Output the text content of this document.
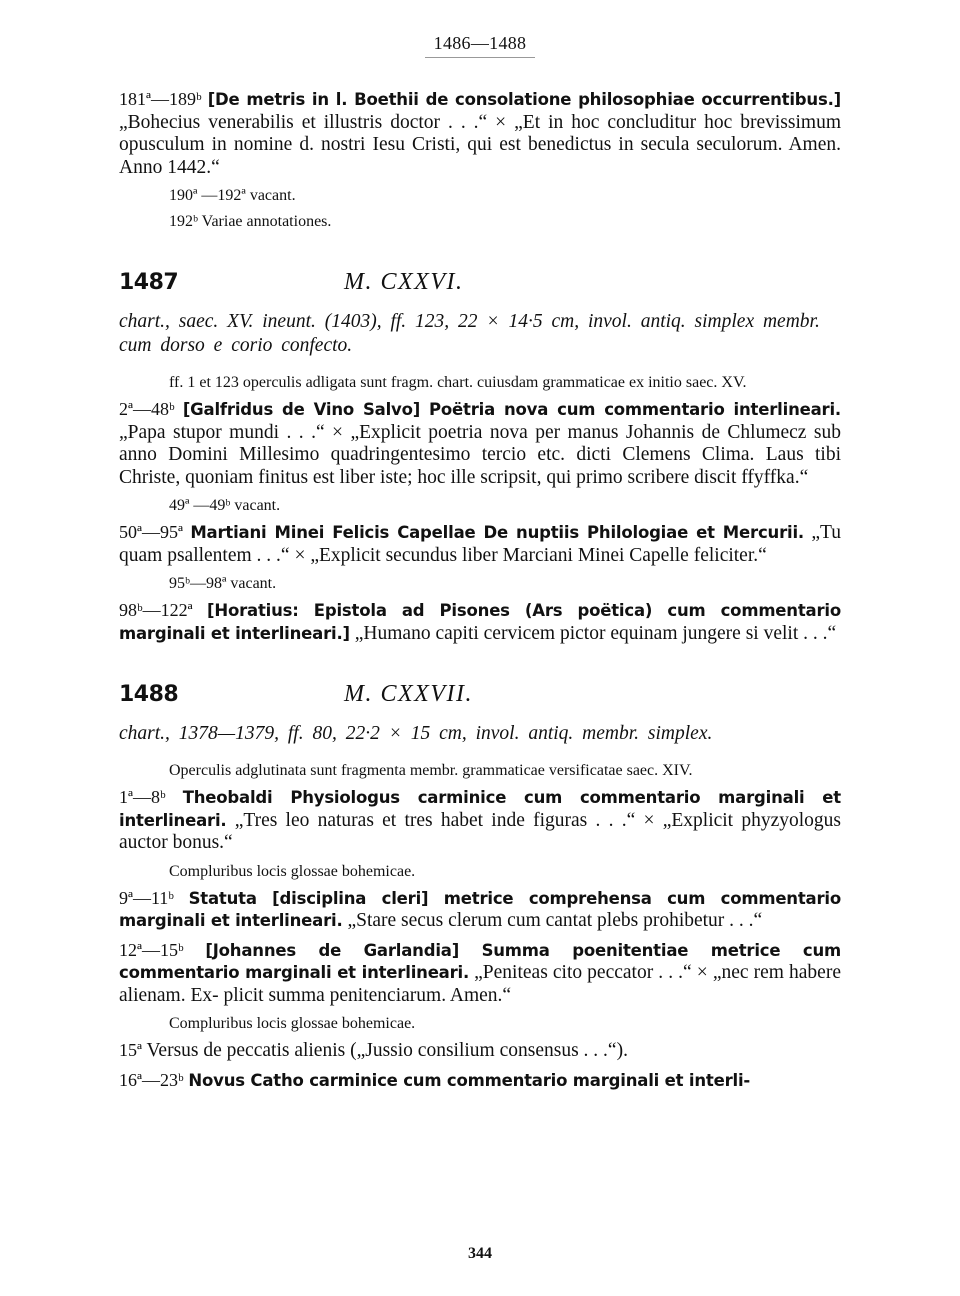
1486—1488

181ª—189ᵇ [De metris in l. Boethii de consolatione philosophiae occurrentibus.] „Bohecius venerabilis et illustris doctor . . .“ × „Et in hoc concluditur hoc brevissimum opusculum in nomine d. nostri Iesu Cristi, qui est benedictus in secula seculorum. Amen. Anno 1442.“

190ª —192ª vacant.

192ᵇ Variae annotationes.

1487	M. CXXVI.

chart., saec. XV. ineunt. (1403), ff. 123, 22 × 14·5 cm, invol. antiq. simplex membr. cum dorso e corio confecto.

ff. 1 et 123 operculis adligata sunt fragm. chart. cuiusdam grammaticae ex initio saec. XV.

2ª—48ᵇ [Galfridus de Vino Salvo] Poëtria nova cum commentario interlineari. „Papa stupor mundi . . .“ × „Explicit poetria nova per manus Johannis de Chlumecz sub anno Domini Millesimo quadringentesimo tercio etc. dicti Clemens Clima. Laus tibi Christe, quoniam finitus est liber iste; hoc ille scripsit, qui primo scribere discit ffyffka.“

49ª —49ᵇ vacant.

50ª—95ª Martiani Minei Felicis Capellae De nuptiis Philologiae et Mercurii. „Tu quam psallentem . . .“ × „Explicit secundus liber Marciani Minei Capelle feliciter.“

95ᵇ—98ª vacant.

98ᵇ—122ª [Horatius: Epistola ad Pisones (Ars poëtica) cum commentario marginali et interlineari.] „Humano capiti cervicem pictor equinam jungere si velit . . .“

1488	M. CXXVII.

chart., 1378—1379, ff. 80, 22·2 × 15 cm, invol. antiq. membr. simplex.

Operculis adglutinata sunt fragmenta membr. grammaticae versificatae saec. XIV.

1ª—8ᵇ Theobaldi Physiologus carminice cum commentario marginali et interlineari. „Tres leo naturas et tres habet inde figuras . . .“ × „Explicit phyzyologus auctor bonus.“

Compluribus locis glossae bohemicae.

9ª—11ᵇ Statuta [disciplina cleri] metrice comprehensa cum commentario marginali et interlineari. „Stare secus clerum cum cantat plebs prohibetur . . .“

12ª—15ᵇ [Johannes de Garlandia] Summa poenitentiae metrice cum commentario marginali et interlineari. „Peniteas cito peccator . . .“ × „nec rem habere alienam. Ex- plicit summa penitenciarum. Amen.“

Compluribus locis glossae bohemicae.

15ª Versus de peccatis alienis („Jussio consilium consensus . . .“).

16ª—23ᵇ Novus Catho carminice cum commentario marginali et interli-

344
